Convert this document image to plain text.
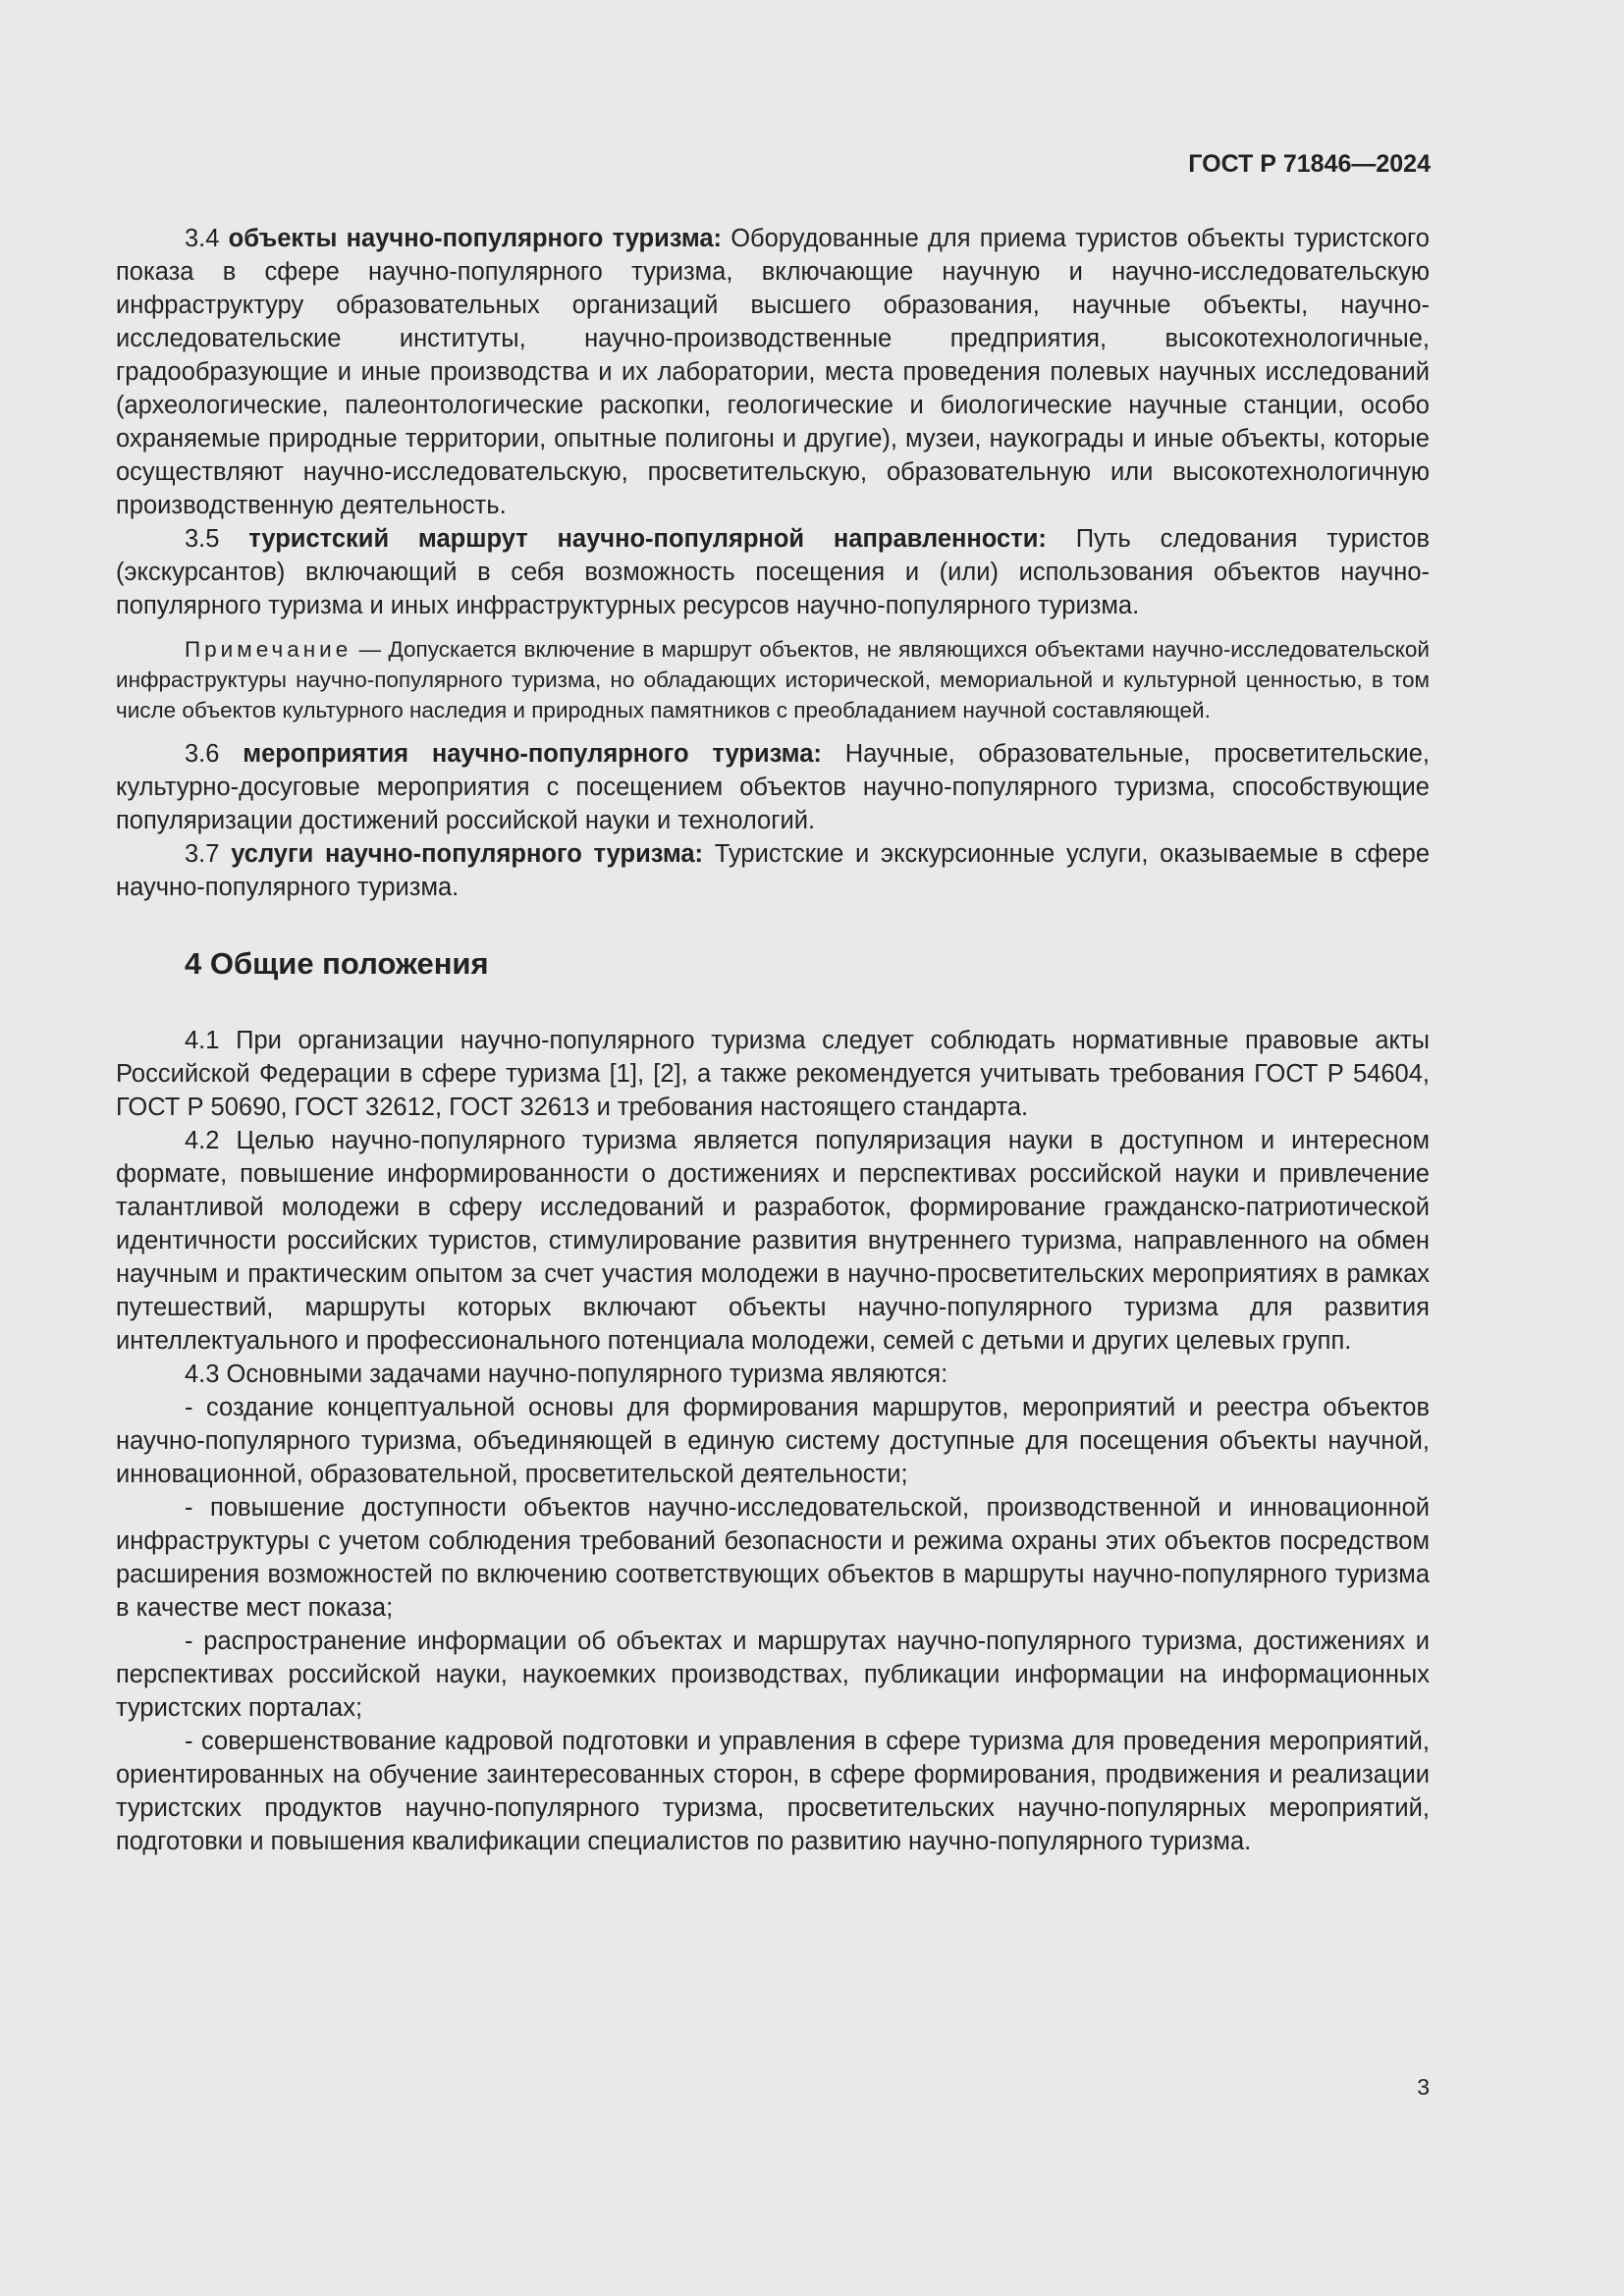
ГОСТ Р 71846—2024

3.4 объекты научно-популярного туризма: Оборудованные для приема туристов объекты туристского показа в сфере научно-популярного туризма, включающие научную и научно-исследовательскую инфраструктуру образовательных организаций высшего образования, научные объекты, научно-исследовательские институты, научно-производственные предприятия, высокотехнологичные, градообразующие и иные производства и их лаборатории, места проведения полевых научных исследований (археологические, палеонтологические раскопки, геологические и биологические научные станции, особо охраняемые природные территории, опытные полигоны и другие), музеи, наукограды и иные объекты, которые осуществляют научно-исследовательскую, просветительскую, образовательную или высокотехнологичную производственную деятельность.

3.5 туристский маршрут научно-популярной направленности: Путь следования туристов (экскурсантов) включающий в себя возможность посещения и (или) использования объектов научно-популярного туризма и иных инфраструктурных ресурсов научно-популярного туризма.

Примечание — Допускается включение в маршрут объектов, не являющихся объектами научно-исследовательской инфраструктуры научно-популярного туризма, но обладающих исторической, мемориальной и культурной ценностью, в том числе объектов культурного наследия и природных памятников с преобладанием научной составляющей.

3.6 мероприятия научно-популярного туризма: Научные, образовательные, просветительские, культурно-досуговые мероприятия с посещением объектов научно-популярного туризма, способствующие популяризации достижений российской науки и технологий.

3.7 услуги научно-популярного туризма: Туристские и экскурсионные услуги, оказываемые в сфере научно-популярного туризма.

4 Общие положения

4.1 При организации научно-популярного туризма следует соблюдать нормативные правовые акты Российской Федерации в сфере туризма [1], [2], а также рекомендуется учитывать требования ГОСТ Р 54604, ГОСТ Р 50690, ГОСТ 32612, ГОСТ 32613 и требования настоящего стандарта.

4.2 Целью научно-популярного туризма является популяризация науки в доступном и интересном формате, повышение информированности о достижениях и перспективах российской науки и привлечение талантливой молодежи в сферу исследований и разработок, формирование гражданско-патриотической идентичности российских туристов, стимулирование развития внутреннего туризма, направленного на обмен научным и практическим опытом за счет участия молодежи в научно-просветительских мероприятиях в рамках путешествий, маршруты которых включают объекты научно-популярного туризма для развития интеллектуального и профессионального потенциала молодежи, семей с детьми и других целевых групп.

4.3 Основными задачами научно-популярного туризма являются:

- создание концептуальной основы для формирования маршрутов, мероприятий и реестра объектов научно-популярного туризма, объединяющей в единую систему доступные для посещения объекты научной, инновационной, образовательной, просветительской деятельности;

- повышение доступности объектов научно-исследовательской, производственной и инновационной инфраструктуры с учетом соблюдения требований безопасности и режима охраны этих объектов посредством расширения возможностей по включению соответствующих объектов в маршруты научно-популярного туризма в качестве мест показа;

- распространение информации об объектах и маршрутах научно-популярного туризма, достижениях и перспективах российской науки, наукоемких производствах, публикации информации на информационных туристских порталах;

- совершенствование кадровой подготовки и управления в сфере туризма для проведения мероприятий, ориентированных на обучение заинтересованных сторон, в сфере формирования, продвижения и реализации туристских продуктов научно-популярного туризма, просветительских научно-популярных мероприятий, подготовки и повышения квалификации специалистов по развитию научно-популярного туризма.

3
